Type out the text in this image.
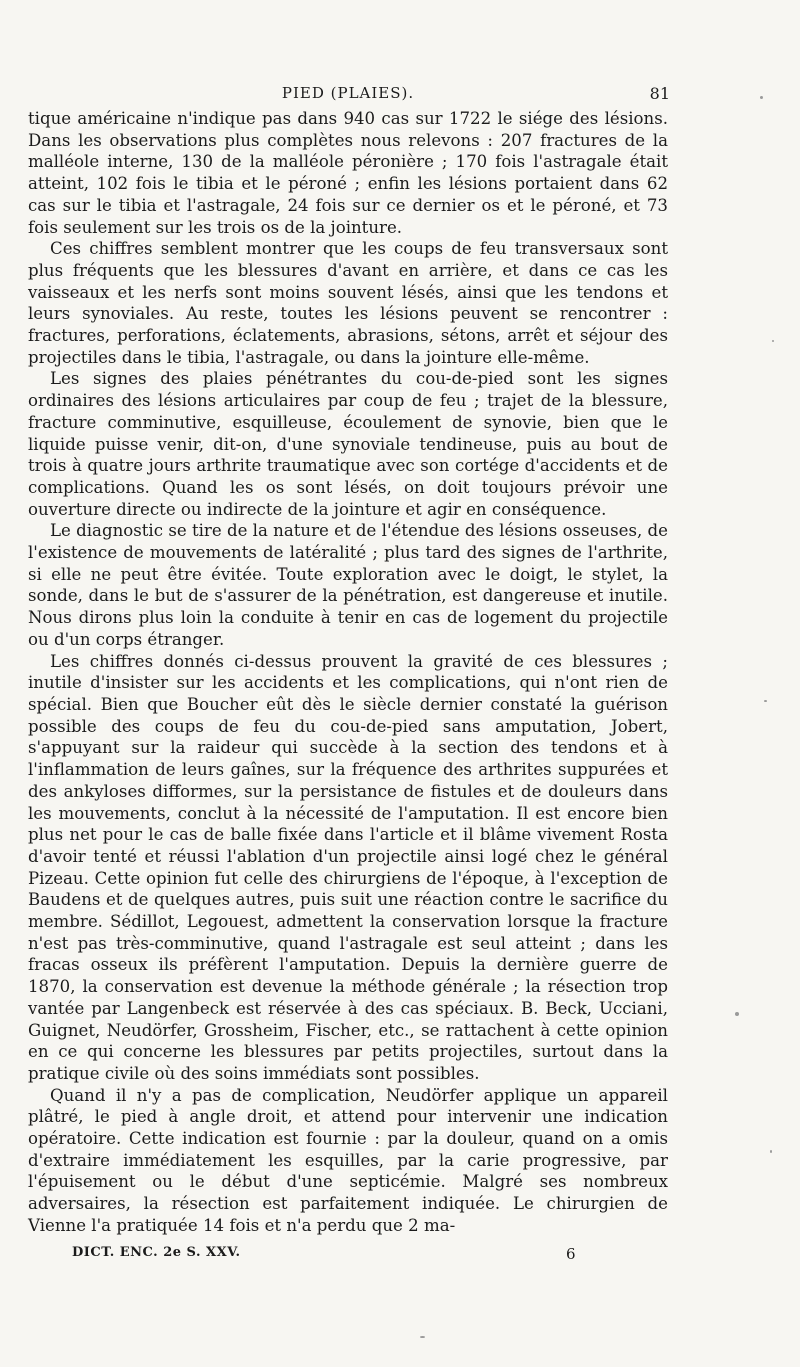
PIED (PLAIES).	81

tique américaine n'indique pas dans 940 cas sur 1722 le siége des lésions. Dans les observations plus complètes nous relevons : 207 fractures de la malléole interne, 130 de la malléole péronière ; 170 fois l'astragale était atteint, 102 fois le tibia et le péroné ; enfin les lésions portaient dans 62 cas sur le tibia et l'astragale, 24 fois sur ce dernier os et le péroné, et 73 fois seulement sur les trois os de la jointure.

Ces chiffres semblent montrer que les coups de feu transversaux sont plus fréquents que les blessures d'avant en arrière, et dans ce cas les vaisseaux et les nerfs sont moins souvent lésés, ainsi que les tendons et leurs synoviales. Au reste, toutes les lésions peuvent se rencontrer : fractures, perforations, éclatements, abrasions, sétons, arrêt et séjour des projectiles dans le tibia, l'astragale, ou dans la jointure elle-même.

Les signes des plaies pénétrantes du cou-de-pied sont les signes ordinaires des lésions articulaires par coup de feu ; trajet de la blessure, fracture comminutive, esquilleuse, écoulement de synovie, bien que le liquide puisse venir, dit-on, d'une synoviale tendineuse, puis au bout de trois à quatre jours arthrite traumatique avec son cortége d'accidents et de complications. Quand les os sont lésés, on doit toujours prévoir une ouverture directe ou indirecte de la jointure et agir en conséquence.

Le diagnostic se tire de la nature et de l'étendue des lésions osseuses, de l'existence de mouvements de latéralité ; plus tard des signes de l'arthrite, si elle ne peut être évitée. Toute exploration avec le doigt, le stylet, la sonde, dans le but de s'assurer de la pénétration, est dangereuse et inutile. Nous dirons plus loin la conduite à tenir en cas de logement du projectile ou d'un corps étranger.

Les chiffres donnés ci-dessus prouvent la gravité de ces blessures ; inutile d'insister sur les accidents et les complications, qui n'ont rien de spécial. Bien que Boucher eût dès le siècle dernier constaté la guérison possible des coups de feu du cou-de-pied sans amputation, Jobert, s'appuyant sur la raideur qui succède à la section des tendons et à l'inflammation de leurs gaînes, sur la fréquence des arthrites suppurées et des ankyloses difformes, sur la persistance de fistules et de douleurs dans les mouvements, conclut à la nécessité de l'amputation. Il est encore bien plus net pour le cas de balle fixée dans l'article et il blâme vivement Rosta d'avoir tenté et réussi l'ablation d'un projectile ainsi logé chez le général Pizeau. Cette opinion fut celle des chirurgiens de l'époque, à l'exception de Baudens et de quelques autres, puis suit une réaction contre le sacrifice du membre. Sédillot, Legouest, admettent la conservation lorsque la fracture n'est pas très-comminutive, quand l'astragale est seul atteint ; dans les fracas osseux ils préfèrent l'amputation. Depuis la dernière guerre de 1870, la conservation est devenue la méthode générale ; la résection trop vantée par Langenbeck est réservée à des cas spéciaux. B. Beck, Ucciani, Guignet, Neudörfer, Grossheim, Fischer, etc., se rattachent à cette opinion en ce qui concerne les blessures par petits projectiles, surtout dans la pratique civile où des soins immédiats sont possibles.

Quand il n'y a pas de complication, Neudörfer applique un appareil plâtré, le pied à angle droit, et attend pour intervenir une indication opératoire. Cette indication est fournie : par la douleur, quand on a omis d'extraire immédiatement les esquilles, par la carie progressive, par l'épuisement ou le début d'une septicémie. Malgré ses nombreux adversaires, la résection est parfaitement indiquée. Le chirurgien de Vienne l'a pratiquée 14 fois et n'a perdu que 2 ma-

DICT. ENC. 2e S. XXV.	6
